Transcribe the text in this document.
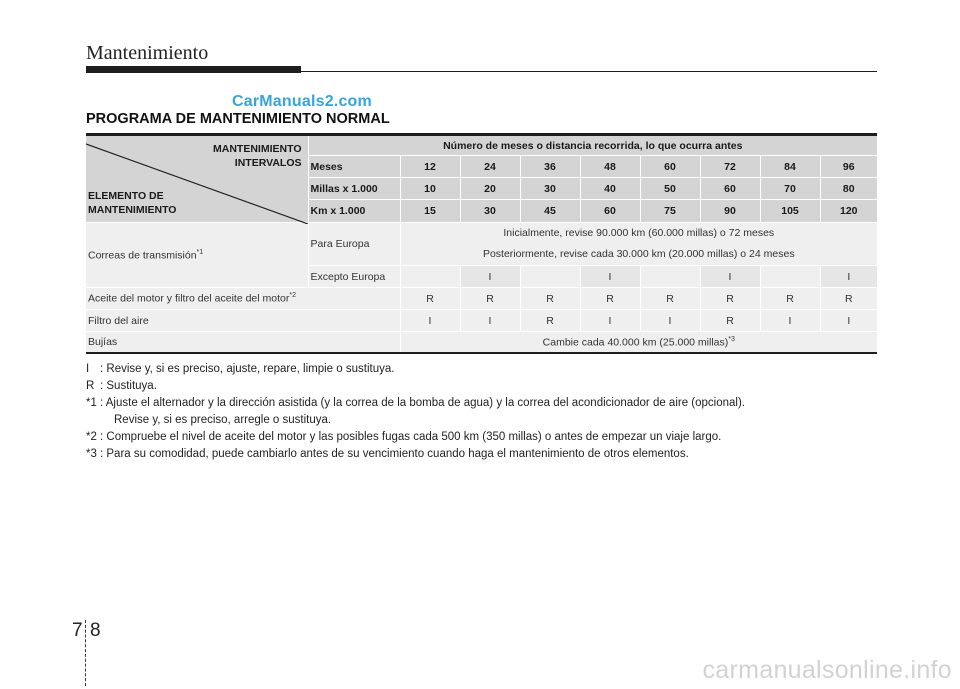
Mantenimiento
CarManuals2.com
PROGRAMA DE MANTENIMIENTO NORMAL
MANTENIMIENTO
INTERVALOS
ELEMENTO DE
MANTENIMIENTO	Número de meses o distancia recorrida, lo que ocurra antes								
	Meses	12	24	36	48	60	72	84	96
	Millas x 1.000	10	20	30	40	50	60	70	80
	Km x 1.000	15	30	45	60	75	90	105	120
Correas de transmisión$^{*1}$	Para Europa	Inicialmente, revise 90.000 km (60.000 millas) o 72 meses
Posteriormente, revise cada 30.000 km (20.000 millas) o 24 meses							

	Excepto Europa		I		I		I		I
Aceite del motor y filtro del aceite del motor$^{*2}$		R	R	R	R	R	R	R	R
Filtro del aire		I	I	R	I	I	R	I	I
Bujías		Cambie cada 40.000 km (25.000 millas)$^{*3}$
I : Revise y, si es preciso, ajuste, repare, limpie o sustituya.
R : Sustituya.
*1 : Ajuste el alternador y la dirección asistida (y la correa de la bomba de agua) y la correa del acondicionador de aire (opcional).
Revise y, si es preciso, arregle o sustituya.
*2 : Compruebe el nivel de aceite del motor y las posibles fugas cada 500 km (350 millas) o antes de empezar un viaje largo.
*3 : Para su comodidad, puede cambiarlo antes de su vencimiento cuando haga el mantenimiento de otros elementos.
7 8
carmanualsonline.info
